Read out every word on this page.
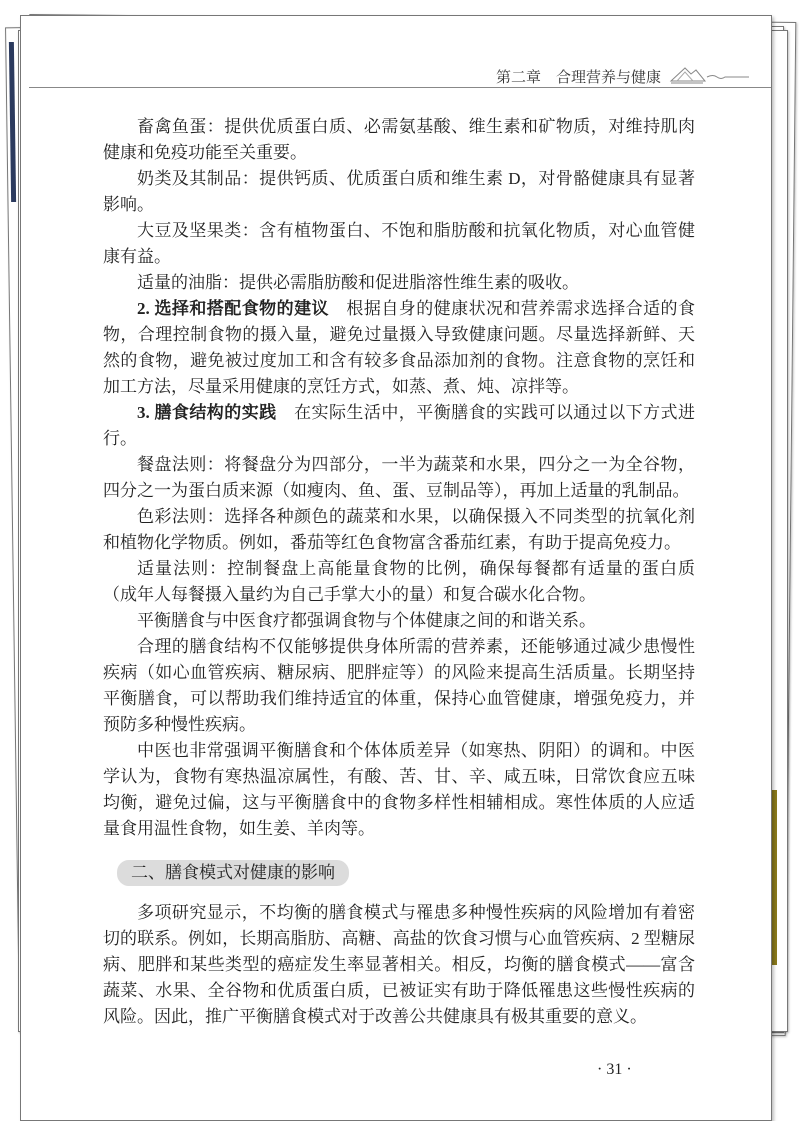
第二章　合理营养与健康

畜禽鱼蛋：提供优质蛋白质、必需氨基酸、维生素和矿物质，对维持肌肉健康和免疫功能至关重要。

奶类及其制品：提供钙质、优质蛋白质和维生素 D，对骨骼健康具有显著影响。

大豆及坚果类：含有植物蛋白、不饱和脂肪酸和抗氧化物质，对心血管健康有益。

适量的油脂：提供必需脂肪酸和促进脂溶性维生素的吸收。

2. 选择和搭配食物的建议　根据自身的健康状况和营养需求选择合适的食物，合理控制食物的摄入量，避免过量摄入导致健康问题。尽量选择新鲜、天然的食物，避免被过度加工和含有较多食品添加剂的食物。注意食物的烹饪和加工方法，尽量采用健康的烹饪方式，如蒸、煮、炖、凉拌等。

3. 膳食结构的实践　在实际生活中，平衡膳食的实践可以通过以下方式进行。

餐盘法则：将餐盘分为四部分，一半为蔬菜和水果，四分之一为全谷物，四分之一为蛋白质来源（如瘦肉、鱼、蛋、豆制品等），再加上适量的乳制品。

色彩法则：选择各种颜色的蔬菜和水果，以确保摄入不同类型的抗氧化剂和植物化学物质。例如，番茄等红色食物富含番茄红素，有助于提高免疫力。

适量法则：控制餐盘上高能量食物的比例，确保每餐都有适量的蛋白质（成年人每餐摄入量约为自己手掌大小的量）和复合碳水化合物。

平衡膳食与中医食疗都强调食物与个体健康之间的和谐关系。

合理的膳食结构不仅能够提供身体所需的营养素，还能够通过减少患慢性疾病（如心血管疾病、糖尿病、肥胖症等）的风险来提高生活质量。长期坚持平衡膳食，可以帮助我们维持适宜的体重，保持心血管健康，增强免疫力，并预防多种慢性疾病。

中医也非常强调平衡膳食和个体体质差异（如寒热、阴阳）的调和。中医学认为，食物有寒热温凉属性，有酸、苦、甘、辛、咸五味，日常饮食应五味均衡，避免过偏，这与平衡膳食中的食物多样性相辅相成。寒性体质的人应适量食用温性食物，如生姜、羊肉等。

二、膳食模式对健康的影响

多项研究显示，不均衡的膳食模式与罹患多种慢性疾病的风险增加有着密切的联系。例如，长期高脂肪、高糖、高盐的饮食习惯与心血管疾病、2 型糖尿病、肥胖和某些类型的癌症发生率显著相关。相反，均衡的膳食模式——富含蔬菜、水果、全谷物和优质蛋白质，已被证实有助于降低罹患这些慢性疾病的风险。因此，推广平衡膳食模式对于改善公共健康具有极其重要的意义。

· 31 ·
